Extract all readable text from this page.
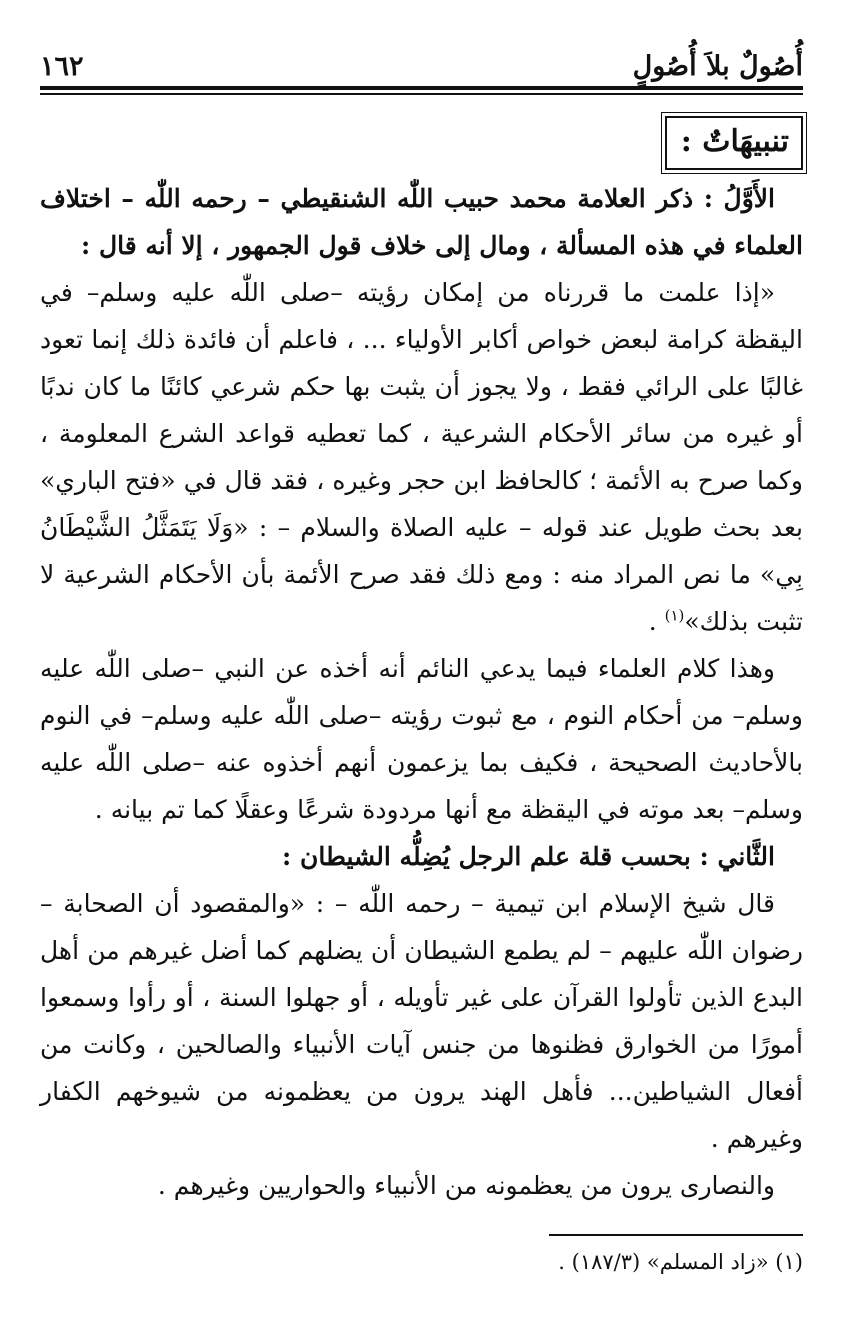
أُصُولٌ بلاَ أُصُولٍ
١٦٢
تنبيهَاتٌ :

الأَوَّلُ : ذكر العلامة محمد حبيب اللّٰه الشنقيطي – رحمه اللّٰه – اختلاف العلماء في هذه المسألة ، ومال إلى خلاف قول الجمهور ، إلا أنه قال :

«إذا علمت ما قررناه من إمكان رؤيته –صلى اللّٰه عليه وسلم– في اليقظة كرامة لبعض خواص أكابر الأولياء ... ، فاعلم أن فائدة ذلك إنما تعود غالبًا على الرائي فقط ، ولا يجوز أن يثبت بها حكم شرعي كائنًا ما كان ندبًا أو غيره من سائر الأحكام الشرعية ، كما تعطيه قواعد الشرع المعلومة ، وكما صرح به الأئمة ؛ كالحافظ ابن حجر وغيره ، فقد قال في «فتح الباري» بعد بحث طويل عند قوله – عليه الصلاة والسلام – : «وَلَا يَتَمَثَّلُ الشَّيْطَانُ بِي» ما نص المراد منه : ومع ذلك فقد صرح الأئمة بأن الأحكام الشرعية لا تثبت بذلك»$^{(١)}$ .

وهذا كلام العلماء فيما يدعي النائم أنه أخذه عن النبي –صلى اللّٰه عليه وسلم– من أحكام النوم ، مع ثبوت رؤيته –صلى اللّٰه عليه وسلم– في النوم بالأحاديث الصحيحة ، فكيف بما يزعمون أنهم أخذوه عنه –صلى اللّٰه عليه وسلم– بعد موته في اليقظة مع أنها مردودة شرعًا وعقلًا كما تم بيانه .

الثَّاني : بحسب قلة علم الرجل يُضِلُّه الشيطان :

قال شيخ الإسلام ابن تيمية – رحمه اللّٰه – : «والمقصود أن الصحابة – رضوان اللّٰه عليهم – لم يطمع الشيطان أن يضلهم كما أضل غيرهم من أهل البدع الذين تأولوا القرآن على غير تأويله ، أو جهلوا السنة ، أو رأوا وسمعوا أمورًا من الخوارق فظنوها من جنس آيات الأنبياء والصالحين ، وكانت من أفعال الشياطين... فأهل الهند يرون من يعظمونه من شيوخهم الكفار وغيرهم .

والنصارى يرون من يعظمونه من الأنبياء والحواريين وغيرهم .

(١) «زاد المسلم» (١٨٧/٣) .
